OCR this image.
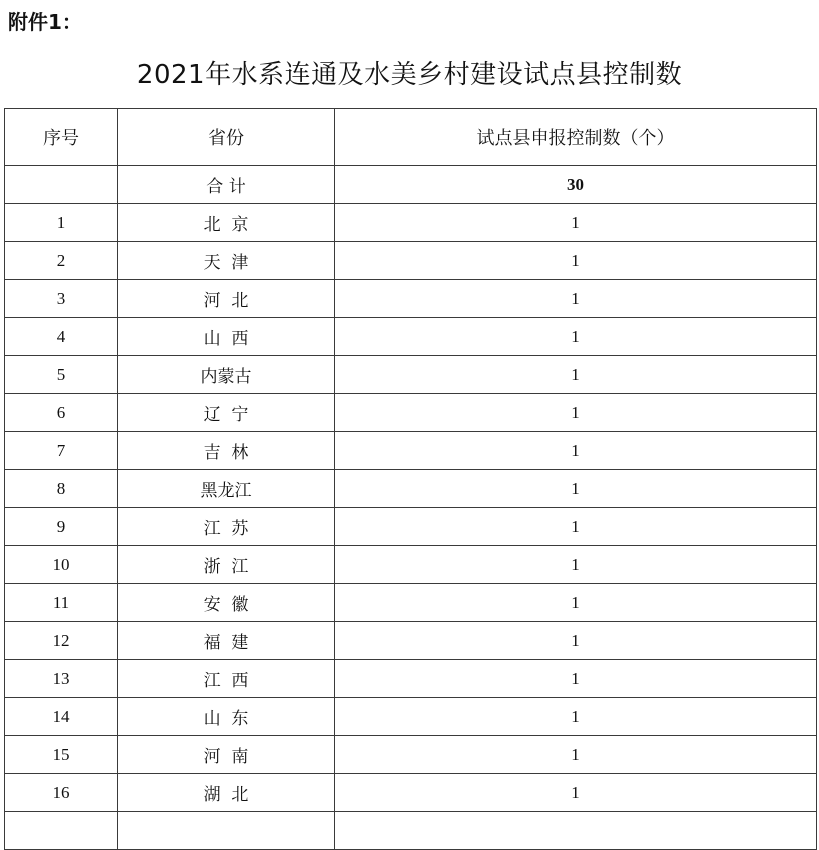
附件1：
2021年水系连通及水美乡村建设试点县控制数
序号	省份	试点县申报控制数（个）
	合 计	30
1	北  京	1
2	天  津	1
3	河  北	1
4	山  西	1
5	内蒙古	1
6	辽  宁	1
7	吉  林	1
8	黑龙江	1
9	江  苏	1
10	浙  江	1
11	安  徽	1
12	福  建	1
13	江  西	1
14	山  东	1
15	河  南	1
16	湖  北	1
